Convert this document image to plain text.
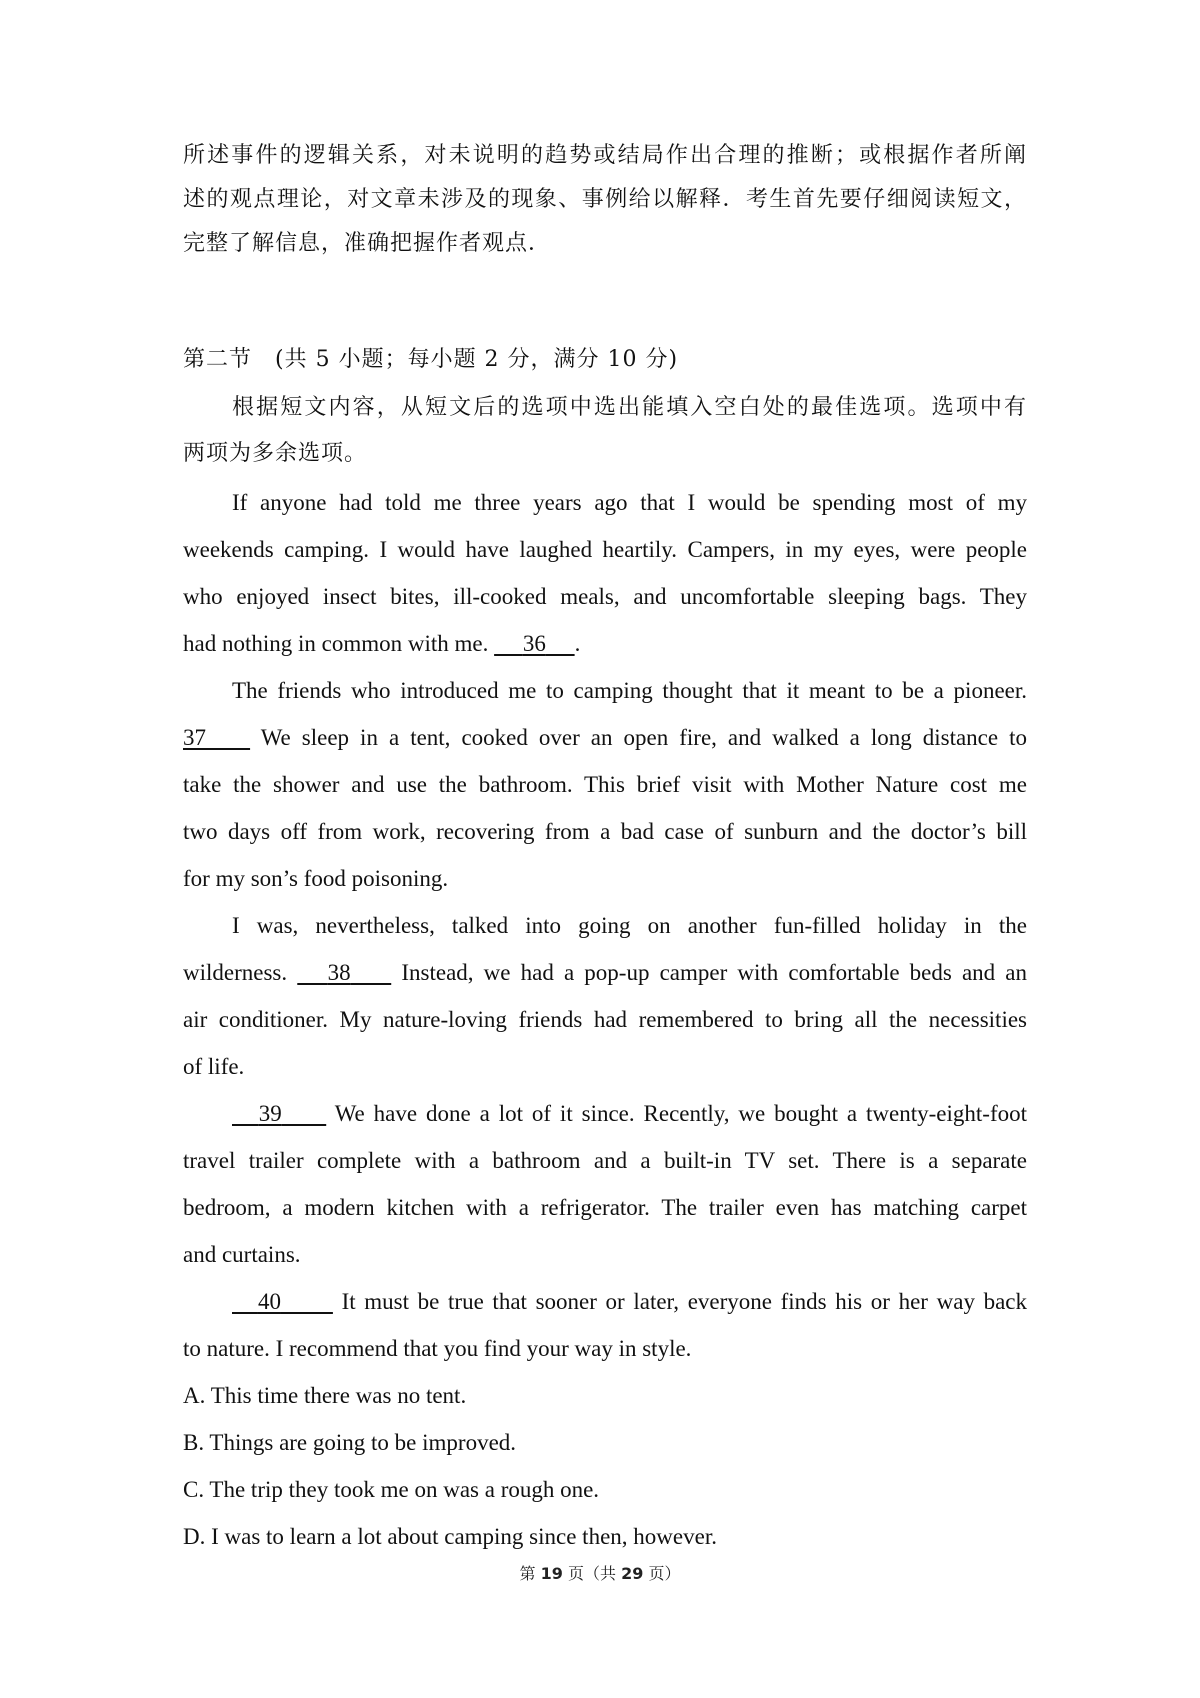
所述事件的逻辑关系，对未说明的趋势或结局作出合理的推断；或根据作者所阐
述的观点理论，对文章未涉及的现象、事例给以解释．考生首先要仔细阅读短文，
完整了解信息，准确把握作者观点．
第二节　(共 5 小题；每小题 2 分，满分 10 分)
根据短文内容，从短文后的选项中选出能填入空白处的最佳选项。选项中有
两项为多余选项。
If anyone had told me three years ago that I would be spending most of my
weekends camping. I would have laughed heartily. Campers, in my eyes, were people
who enjoyed insect bites, ill-cooked meals, and uncomfortable sleeping bags. They
had nothing in common with me. 36 .
The friends who introduced me to camping thought that it meant to be a pioneer.
37 We sleep in a tent, cooked over an open fire, and walked a long distance to
take the shower and use the bathroom. This brief visit with Mother Nature cost me
two days off from work, recovering from a bad case of sunburn and the doctor’s bill
for my son’s food poisoning.
I was, nevertheless, talked into going on another fun-filled holiday in the
wilderness. 38 Instead, we had a pop-up camper with comfortable beds and an
air conditioner. My nature-loving friends had remembered to bring all the necessities
of life.
39 We have done a lot of it since. Recently, we bought a twenty-eight-foot
travel trailer complete with a bathroom and a built-in TV set. There is a separate
bedroom, a modern kitchen with a refrigerator. The trailer even has matching carpet
and curtains.
40	It must be true that sooner or later, everyone finds his or her way back
to nature. I recommend that you find your way in style.
A. This time there was no tent.
B. Things are going to be improved.
C. The trip they took me on was a rough one.
D. I was to learn a lot about camping since then, however.
第 19 页（共 29 页）
